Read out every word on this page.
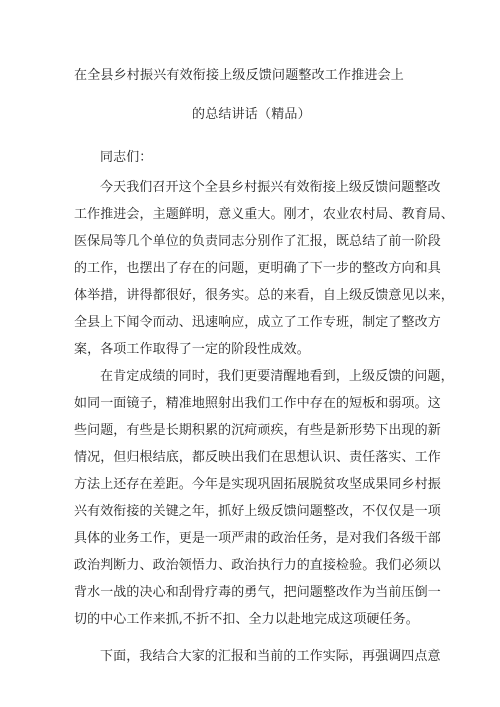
在全县乡村振兴有效衔接上级反馈问题整改工作推进会上
的总结讲话（精品）
同志们：
今天我们召开这个全县乡村振兴有效衔接上级反馈问题整改
工作推进会，主题鲜明，意义重大。刚才，农业农村局、教育局、
医保局等几个单位的负责同志分别作了汇报，既总结了前一阶段
的工作，也摆出了存在的问题，更明确了下一步的整改方向和具
体举措，讲得都很好，很务实。总的来看，自上级反馈意见以来，
全县上下闻令而动、迅速响应，成立了工作专班，制定了整改方
案，各项工作取得了一定的阶段性成效。
在肯定成绩的同时，我们更要清醒地看到，上级反馈的问题，
如同一面镜子，精准地照射出我们工作中存在的短板和弱项。这
些问题，有些是长期积累的沉疴顽疾，有些是新形势下出现的新
情况，但归根结底，都反映出我们在思想认识、责任落实、工作
方法上还存在差距。今年是实现巩固拓展脱贫攻坚成果同乡村振
兴有效衔接的关键之年，抓好上级反馈问题整改，不仅仅是一项
具体的业务工作，更是一项严肃的政治任务，是对我们各级干部
政治判断力、政治领悟力、政治执行力的直接检验。我们必须以
背水一战的决心和刮骨疗毒的勇气，把问题整改作为当前压倒一
切的中心工作来抓,不折不扣、全力以赴地完成这项硬任务。
下面，我结合大家的汇报和当前的工作实际，再强调四点意
